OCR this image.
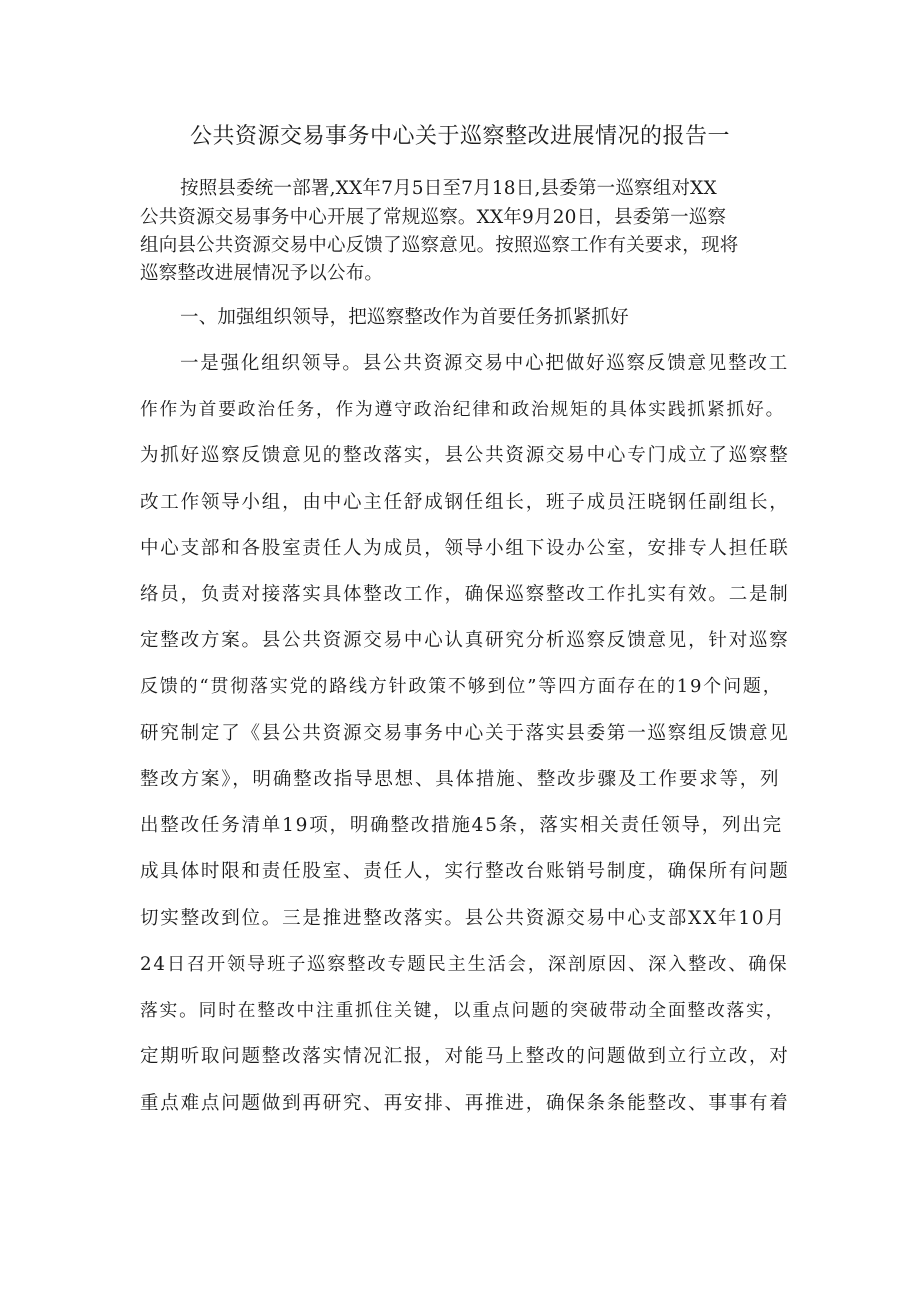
公共资源交易事务中心关于巡察整改进展情况的报告一
按照县委统一部署,XX年7月5日至7月18日,县委第一巡察组对XX
公共资源交易事务中心开展了常规巡察。XX年9月20日，县委第一巡察
组向县公共资源交易中心反馈了巡察意见。按照巡察工作有关要求，现将
巡察整改进展情况予以公布。
一、加强组织领导，把巡察整改作为首要任务抓紧抓好
一是强化组织领导。县公共资源交易中心把做好巡察反馈意见整改工
作作为首要政治任务，作为遵守政治纪律和政治规矩的具体实践抓紧抓好。
为抓好巡察反馈意见的整改落实，县公共资源交易中心专门成立了巡察整
改工作领导小组，由中心主任舒成钢任组长，班子成员汪晓钢任副组长，
中心支部和各股室责任人为成员，领导小组下设办公室，安排专人担任联
络员，负责对接落实具体整改工作，确保巡察整改工作扎实有效。二是制
定整改方案。县公共资源交易中心认真研究分析巡察反馈意见，针对巡察
反馈的“贯彻落实党的路线方针政策不够到位”等四方面存在的19个问题，
研究制定了《县公共资源交易事务中心关于落实县委第一巡察组反馈意见
整改方案》，明确整改指导思想、具体措施、整改步骤及工作要求等，列
出整改任务清单19项，明确整改措施45条，落实相关责任领导，列出完
成具体时限和责任股室、责任人，实行整改台账销号制度，确保所有问题
切实整改到位。三是推进整改落实。县公共资源交易中心支部XX年10月
24日召开领导班子巡察整改专题民主生活会，深剖原因、深入整改、确保
落实。同时在整改中注重抓住关键，以重点问题的突破带动全面整改落实，
定期听取问题整改落实情况汇报，对能马上整改的问题做到立行立改，对
重点难点问题做到再研究、再安排、再推进，确保条条能整改、事事有着
